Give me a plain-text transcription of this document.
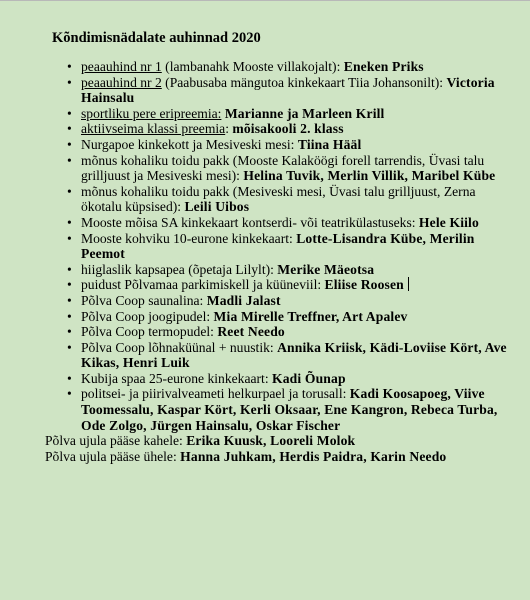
Kõndimisnädalate auhinnad 2020
• peaauhind nr 1 (lambanahk Mooste villakojalt): Eneken Priks
• peaauhind nr 2 (Paabusaba mängutoa kinkekaart Tiia Johansonilt): Victoria Hainsalu
• sportliku pere eripreemia: Marianne ja Marleen Krill
• aktiivseima klassi preemia: mõisakooli 2. klass
• Nurgapoe kinkekott ja Mesiveski mesi: Tiina Hääl
• mõnus kohaliku toidu pakk (Mooste Kalaköögi forell tarrendis, Üvasi talu grilljuust ja Mesiveski mesi): Helina Tuvik, Merlin Villik, Maribel Kübe
• mõnus kohaliku toidu pakk (Mesiveski mesi, Üvasi talu grilljuust, Zerna ökotalu küpsised): Leili Uibos
• Mooste mõisa SA kinkekaart kontserdi- või teatrikülastuseks: Hele Kiilo
• Mooste kohviku 10-eurone kinkekaart: Lotte-Lisandra Kübe, Merilin Peemot
• hiiglaslik kapsapea (õpetaja Lilylt): Merike Mäeotsa
• puidust Põlvamaa parkimiskell ja küüneviil: Eliise Roosen
• Põlva Coop saunalina: Madli Jalast
• Põlva Coop joogipudel: Mia Mirelle Treffner, Art Apalev
• Põlva Coop termopudel: Reet Needo
• Põlva Coop lõhnaküünal + nuustik: Annika Kriisk, Kädi-Loviise Kört, Ave Kikas, Henri Luik
• Kubija spaa 25-eurone kinkekaart: Kadi Õunap
• politsei- ja piirivalveameti helkurpael ja torusall: Kadi Koosapoeg, Viive Toomessalu, Kaspar Kört, Kerli Oksaar, Ene Kangron, Rebeca Turba, Ode Zolgo, Jürgen Hainsalu, Oskar Fischer
Põlva ujula pääse kahele: Erika Kuusk, Looreli Molok
Põlva ujula pääse ühele: Hanna Juhkam, Herdis Paidra, Karin Needo
